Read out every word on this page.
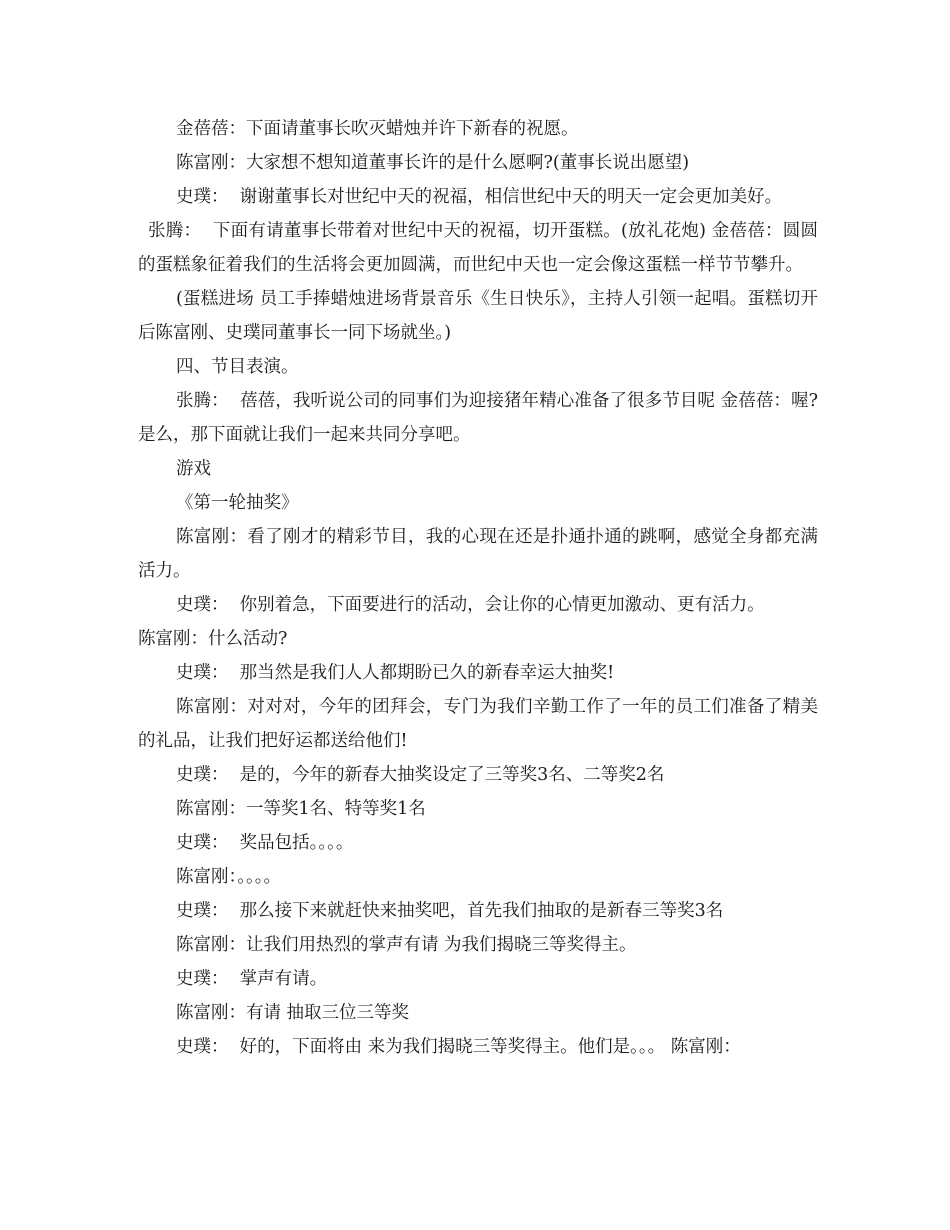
金蓓蓓：下面请董事长吹灭蜡烛并许下新春的祝愿。

陈富刚：大家想不想知道董事长许的是什么愿啊?(董事长说出愿望)

史璞：  谢谢董事长对世纪中天的祝福，相信世纪中天的明天一定会更加美好。

张腾：  下面有请董事长带着对世纪中天的祝福，切开蛋糕。(放礼花炮) 金蓓蓓：圆圆的蛋糕象征着我们的生活将会更加圆满，而世纪中天也一定会像这蛋糕一样节节攀升。

(蛋糕进场 员工手捧蜡烛进场背景音乐《生日快乐》，主持人引领一起唱。蛋糕切开后陈富刚、史璞同董事长一同下场就坐。)

四、节目表演。

张腾：  蓓蓓，我听说公司的同事们为迎接猪年精心准备了很多节目呢 金蓓蓓：喔?是么，那下面就让我们一起来共同分享吧。

游戏

《第一轮抽奖》

陈富刚：看了刚才的精彩节目，我的心现在还是扑通扑通的跳啊，感觉全身都充满活力。

史璞：  你别着急，下面要进行的活动，会让你的心情更加激动、更有活力。

陈富刚：什么活动?

史璞：  那当然是我们人人都期盼已久的新春幸运大抽奖!

陈富刚：对对对，今年的团拜会，专门为我们辛勤工作了一年的员工们准备了精美的礼品，让我们把好运都送给他们!

史璞：  是的，今年的新春大抽奖设定了三等奖3名、二等奖2名

陈富刚：一等奖1名、特等奖1名

史璞：  奖品包括。。。。

陈富刚：。。。。

史璞：  那么接下来就赶快来抽奖吧，首先我们抽取的是新春三等奖3名

陈富刚：让我们用热烈的掌声有请 为我们揭晓三等奖得主。

史璞：  掌声有请。

陈富刚：有请 抽取三位三等奖

史璞：  好的，下面将由 来为我们揭晓三等奖得主。他们是。。。 陈富刚：
